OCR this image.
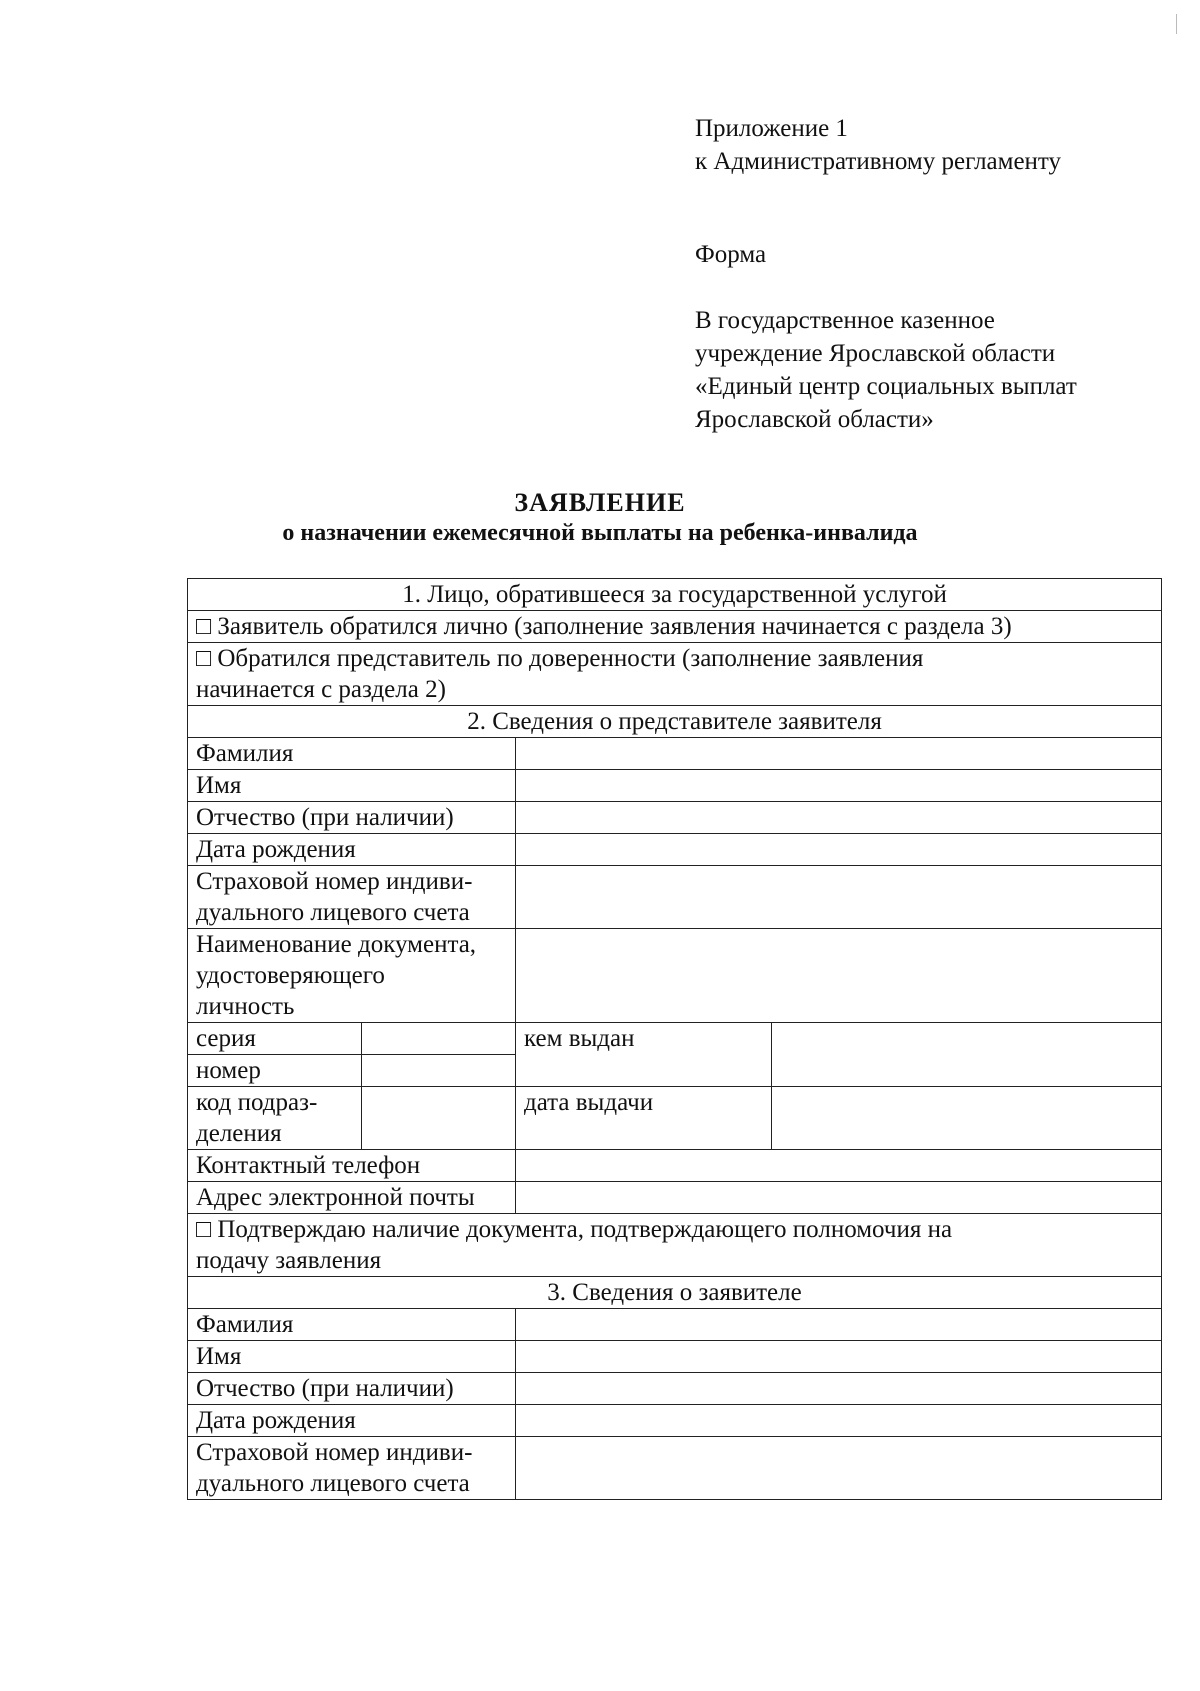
Приложение 1
к Административному регламенту
Форма
В государственное казенное
учреждение Ярославской области
«Единый центр социальных выплат
Ярославской области»
ЗАЯВЛЕНИЕ
о назначении ежемесячной выплаты на ребенка-инвалида
1. Лицо, обратившееся за государственной услугой			
□ Заявитель обратился лично (заполнение заявления начинается с раздела 3)			

□ Обратился представитель по доверенности (заполнение заявления
начинается с раздела 2)			

2. Сведения о представителе заявителя			
Фамилия			
Имя			
Отчество (при наличии)			
Дата рождения			

Страховой номер индиви-
дуального лицевого счета			

Наименование документа,
удостоверяющего
личность			

серия		кем выдан	
номер			

код подраз-
деления		дата выдачи	
Контактный телефон			
Адрес электронной почты			

□ Подтверждаю наличие документа, подтверждающего полномочия на
подачу заявления			

3. Сведения о заявителе			
Фамилия			
Имя			
Отчество (при наличии)			
Дата рождения			

Страховой номер индиви-
дуального лицевого счета			
